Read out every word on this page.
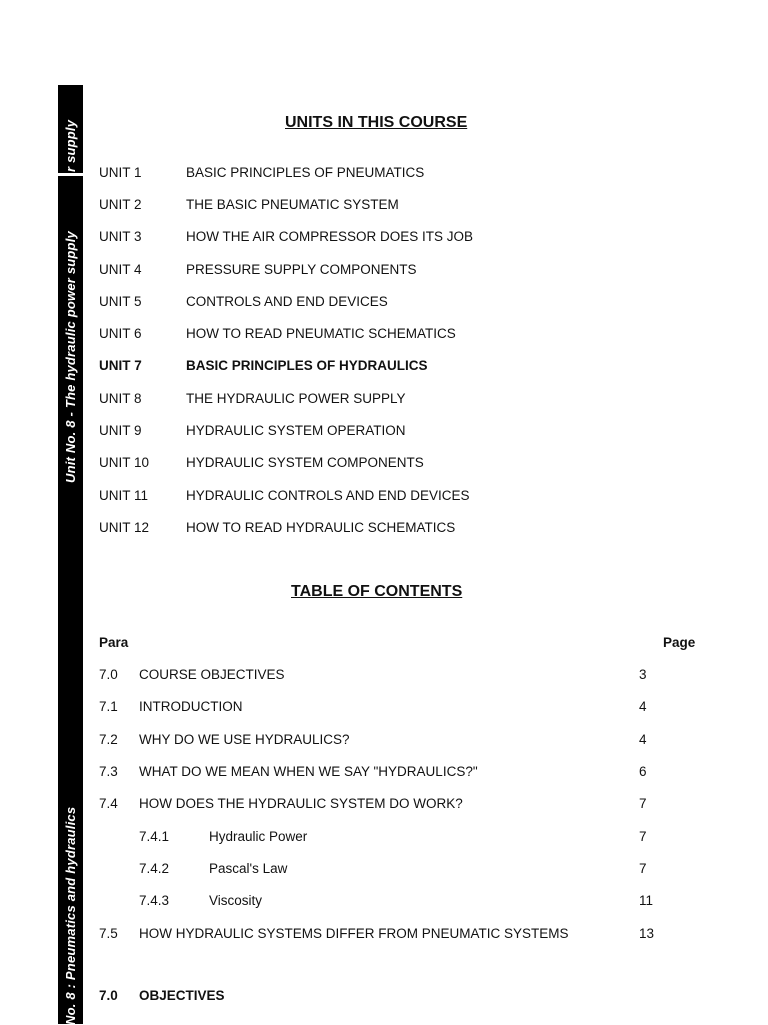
r supply
Unit No. 8 - The hydraulic power supply
No. 8 : Pneumatics and hydraulics
UNITS IN THIS COURSE
UNIT 1	BASIC PRINCIPLES OF PNEUMATICS
UNIT 2	THE BASIC PNEUMATIC SYSTEM
UNIT 3	HOW THE AIR COMPRESSOR DOES ITS JOB
UNIT 4	PRESSURE SUPPLY COMPONENTS
UNIT 5	CONTROLS AND END DEVICES
UNIT 6	HOW TO READ PNEUMATIC SCHEMATICS
UNIT 7	BASIC PRINCIPLES OF HYDRAULICS
UNIT 8	THE HYDRAULIC POWER SUPPLY
UNIT 9	HYDRAULIC SYSTEM OPERATION
UNIT 10	HYDRAULIC SYSTEM COMPONENTS
UNIT 11	HYDRAULIC CONTROLS AND END DEVICES
UNIT 12	HOW TO READ HYDRAULIC SCHEMATICS
TABLE OF CONTENTS
Para	Page
7.0 COURSE OBJECTIVES	3
7.1 INTRODUCTION	4
7.2 WHY DO WE USE HYDRAULICS?	4
7.3 WHAT DO WE MEAN WHEN WE SAY "HYDRAULICS?"	6
7.4 HOW DOES THE HYDRAULIC SYSTEM DO WORK?	7
7.4.1	Hydraulic Power	7
7.4.2	Pascal's Law	7
7.4.3	Viscosity	11
7.5 HOW HYDRAULIC SYSTEMS DIFFER FROM PNEUMATIC SYSTEMS	13
7.0 OBJECTIVES
